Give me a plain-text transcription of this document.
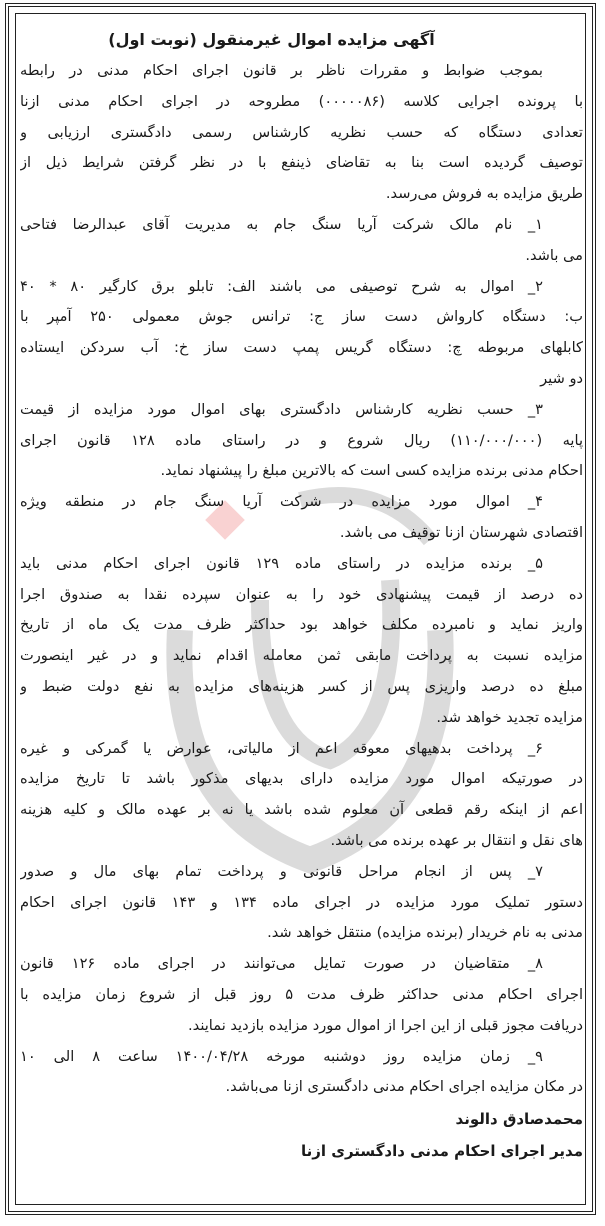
آگهی مزایده اموال غیرمنقول (نوبت اول)
بموجب ضوابط و مقررات ناظر بر قانون اجرای احکام مدنی در رابطه
با پرونده اجرایی کلاسه (۰۰۰۰۰۸۶) مطروحه در اجرای احکام مدنی ازنا
تعدادی دستگاه که حسب نظریه کارشناس رسمی دادگستری ارزیابی و
توصیف گردیده است بنا به تقاضای ذینفع با در نظر گرفتن شرایط ذیل از
طریق مزایده به فروش می‌رسد.
۱_ نام مالک شرکت آریا سنگ جام به مدیریت آقای عبدالرضا فتاحی
می باشد.
۲_ اموال به شرح توصیفی می باشند الف: تابلو برق کارگیر ۸۰ * ۴۰
ب: دستگاه کارواش دست ساز ج: ترانس جوش معمولی ۲۵۰ آمپر با
کابلهای مربوطه چ: دستگاه گریس پمپ دست ساز خ: آب سردکن ایستاده
دو شیر
۳_ حسب نظریه کارشناس دادگستری بهای اموال مورد مزایده از قیمت
پایه (۱۱۰/۰۰۰/۰۰۰) ریال شروع و در راستای ماده ۱۲۸ قانون اجرای
احکام مدنی برنده مزایده کسی است که بالاترین مبلغ را پیشنهاد نماید.
۴_ اموال مورد مزایده در شرکت آریا سنگ جام در منطقه ویژه
اقتصادی شهرستان ازنا توقیف می باشد.
۵_ برنده مزایده در راستای ماده ۱۲۹ قانون اجرای احکام مدنی باید
ده درصد از قیمت پیشنهادی خود را به عنوان سپرده نقدا به صندوق اجرا
واریز نماید و نامبرده مکلف خواهد بود حداکثر ظرف مدت یک ماه از تاریخ
مزایده نسبت به پرداخت مابقی ثمن معامله اقدام نماید و در غیر اینصورت
مبلغ ده درصد واریزی پس از کسر هزینه‌های مزایده به نفع دولت ضبط و
مزایده تجدید خواهد شد.
۶_ پرداخت بدهیهای معوقه اعم از مالیاتی، عوارض یا گمرکی و غیره
در صورتیکه اموال مورد مزایده دارای بدیهای مذکور باشد تا تاریخ مزایده
اعم از اینکه رقم قطعی آن معلوم شده باشد یا نه بر عهده مالک و کلیه هزینه
های نقل و انتقال بر عهده برنده می باشد.
۷_ پس از انجام مراحل قانونی و پرداخت تمام بهای مال و صدور
دستور تملیک مورد مزایده در اجرای ماده ۱۳۴ و ۱۴۳ قانون اجرای احکام
مدنی به نام خریدار (برنده مزایده) منتقل خواهد شد.
۸_ متقاضیان در صورت تمایل می‌توانند در اجرای ماده ۱۲۶ قانون
اجرای احکام مدنی حداکثر ظرف مدت ۵ روز قبل از شروع زمان مزایده با
دریافت مجوز قبلی از این اجرا از اموال مورد مزایده بازدید نمایند.
۹_ زمان مزایده روز دوشنبه مورخه ۱۴۰۰/۰۴/۲۸ ساعت ۸ الی ۱۰
در مکان مزایده اجرای احکام مدنی دادگستری ازنا می‌باشد.
محمدصادق دالوند
مدیر اجرای احکام مدنی دادگستری ازنا
